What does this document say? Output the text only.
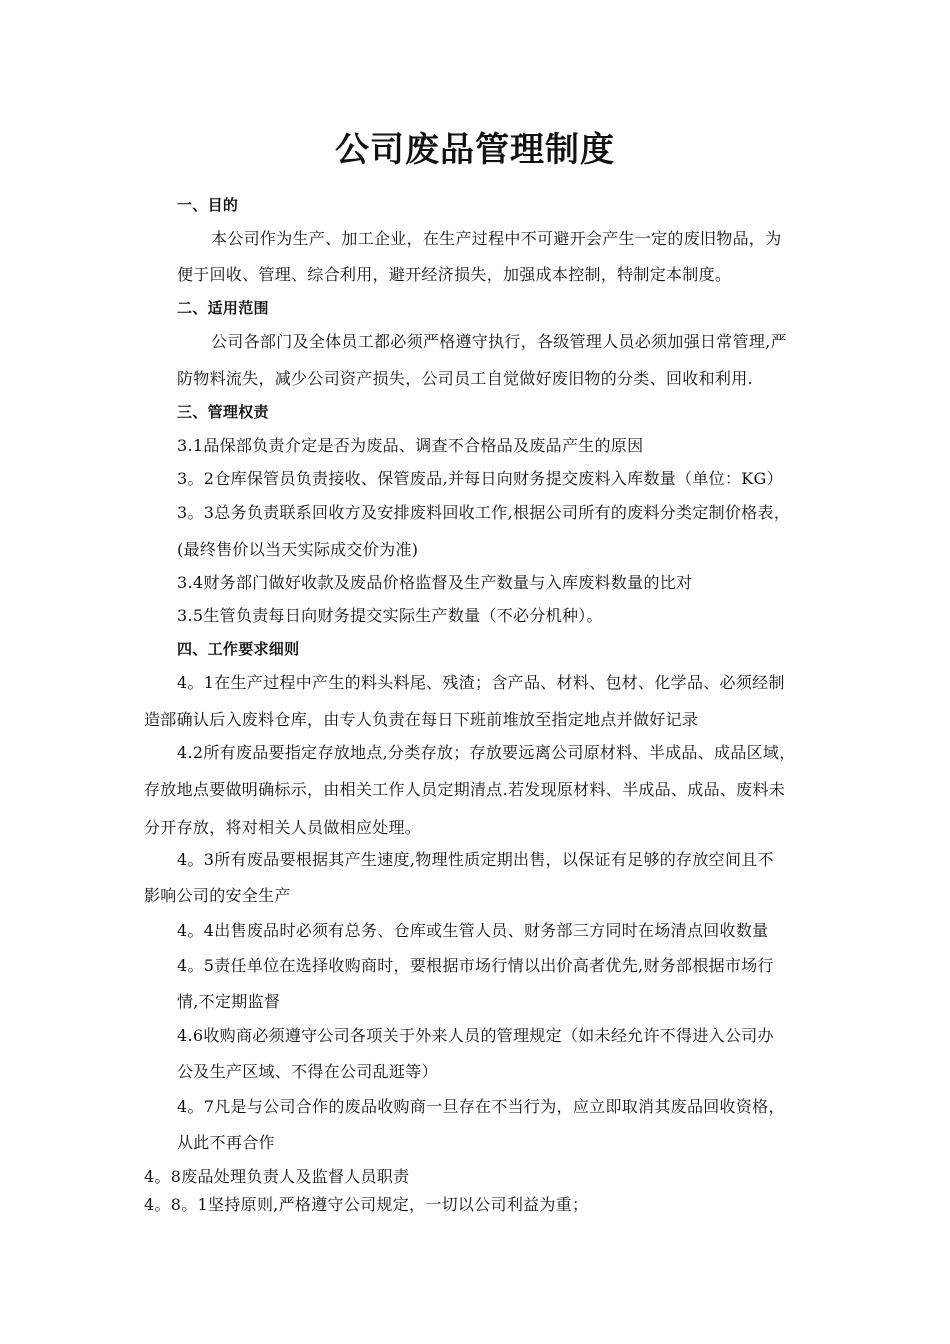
公司废品管理制度
一、目的
本公司作为生产、加工企业，在生产过程中不可避开会产生一定的废旧物品，为
便于回收、管理、综合利用，避开经济损失，加强成本控制，特制定本制度。
二、适用范围
公司各部门及全体员工都必须严格遵守执行，各级管理人员必须加强日常管理,严
防物料流失，减少公司资产损失，公司员工自觉做好废旧物的分类、回收和利用.
三、管理权责
3.1品保部负责介定是否为废品、调查不合格品及废品产生的原因
3。2仓库保管员负责接收、保管废品,并每日向财务提交废料入库数量（单位：KG）
3。3总务负责联系回收方及安排废料回收工作,根据公司所有的废料分类定制价格表，
(最终售价以当天实际成交价为准)
3.4财务部门做好收款及废品价格监督及生产数量与入库废料数量的比对
3.5生管负责每日向财务提交实际生产数量（不必分机种）。
四、工作要求细则
4。1在生产过程中产生的料头料尾、残渣；含产品、材料、包材、化学品、必须经制
造部确认后入废料仓库，由专人负责在每日下班前堆放至指定地点并做好记录
4.2所有废品要指定存放地点,分类存放；存放要远离公司原材料、半成品、成品区域，
存放地点要做明确标示，由相关工作人员定期清点.若发现原材料、半成品、成品、废料未
分开存放，将对相关人员做相应处理。
4。3所有废品要根据其产生速度,物理性质定期出售，以保证有足够的存放空间且不
影响公司的安全生产
4。4出售废品时必须有总务、仓库或生管人员、财务部三方同时在场清点回收数量
4。5责任单位在选择收购商时，要根据市场行情以出价高者优先,财务部根据市场行
情,不定期监督
4.6收购商必须遵守公司各项关于外来人员的管理规定（如未经允许不得进入公司办
公及生产区域、不得在公司乱逛等）
4。7凡是与公司合作的废品收购商一旦存在不当行为，应立即取消其废品回收资格，
从此不再合作
4。8废品处理负责人及监督人员职责
4。8。1坚持原则,严格遵守公司规定，一切以公司利益为重；
